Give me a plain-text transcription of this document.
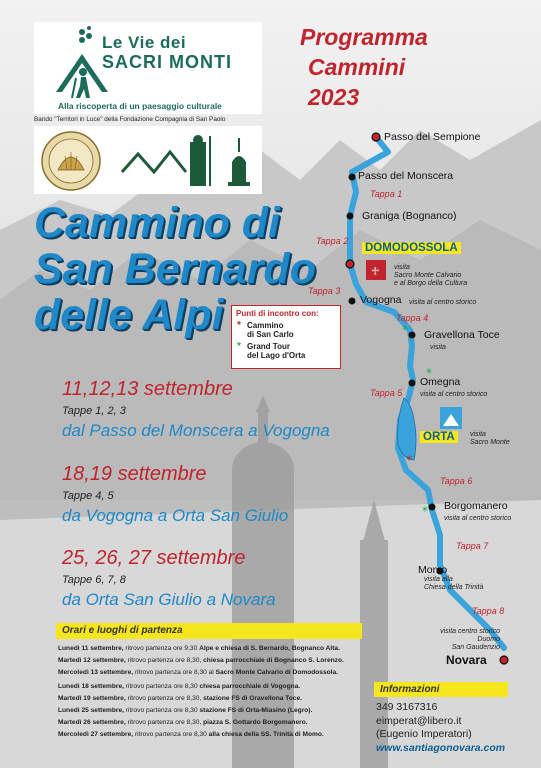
Le Vie dei
SACRI MONTI
Alla riscoperta di un paesaggio culturale
Bando "Territori in Luce" della Fondazione Compagnia di San Paolo
Programma
Cammini
2023
Cammino di
San Bernardo
delle Alpi
11,12,13 settembre
Tappe 1, 2, 3
dal Passo del Monscera a Vogogna
18,19 settembre
Tappe 4, 5
da Vogogna a Orta San Giulio
25, 26, 27 settembre
Tappe 6, 7, 8
da Orta San Giulio a Novara
Orari e luoghi di partenza
Lunedì 11 settembre, ritrovo partenza ore 9,30 Alpe e chiesa di S. Bernardo, Bognanco Alta.
Martedì 12 settembre, ritrovo partenza ore 8,30, chiesa parrocchiale di Bognanco S. Lorenzo.
Mercoledì 13 settembre, ritrovo partenza ore 8,30 al Sacro Monte Calvario di Domodossola.
Lunedì 18 settembre, ritrovo partenza ore 8,30 chiesa parrocchiale di Vogogna.
Martedì 19 settembre, ritrovo partenza ore 8,30, stazione FS di Gravellona Toce.
Lunedì 25 settembre, ritrovo partenza ore 8,30 stazione FS di Orta-Miasino (Legro).
Martedì 26 settembre, ritrovo partenza ore 8,30, piazza S. Gottardo Borgomanero.
Mercoledì 27 settembre, ritrovo partenza ore 8,30 alla chiesa della SS. Trinità di Momo.
Informazioni
349 3167316
eimperat@libero.it
(Eugenio Imperatori)
www.santiagonovara.com
*
*
*
*
♱
Passo del Sempione
Passo del Monscera
Graniga (Bognanco)
DOMODOSSOLA
Vogogna
Gravellona Toce
Omegna
ORTA
Borgomanero
Momo
Novara
visita
Sacro Monte Calvario
e al Borgo della Cultura
visita al centro storico
visita
visita al centro storico
visita
Sacro Monte
visita al centro storico
visita alla
Chiesa della Trinità
visita centro storico
Duomo
San Gaudenzio
Tappa 1
Tappa 2
Tappa 3
Tappa 4
Tappa 5
Tappa 6
Tappa 7
Tappa 8
Punti di incontro con:
* Cammino
di San Carlo
* Grand Tour
del Lago d'Orta
